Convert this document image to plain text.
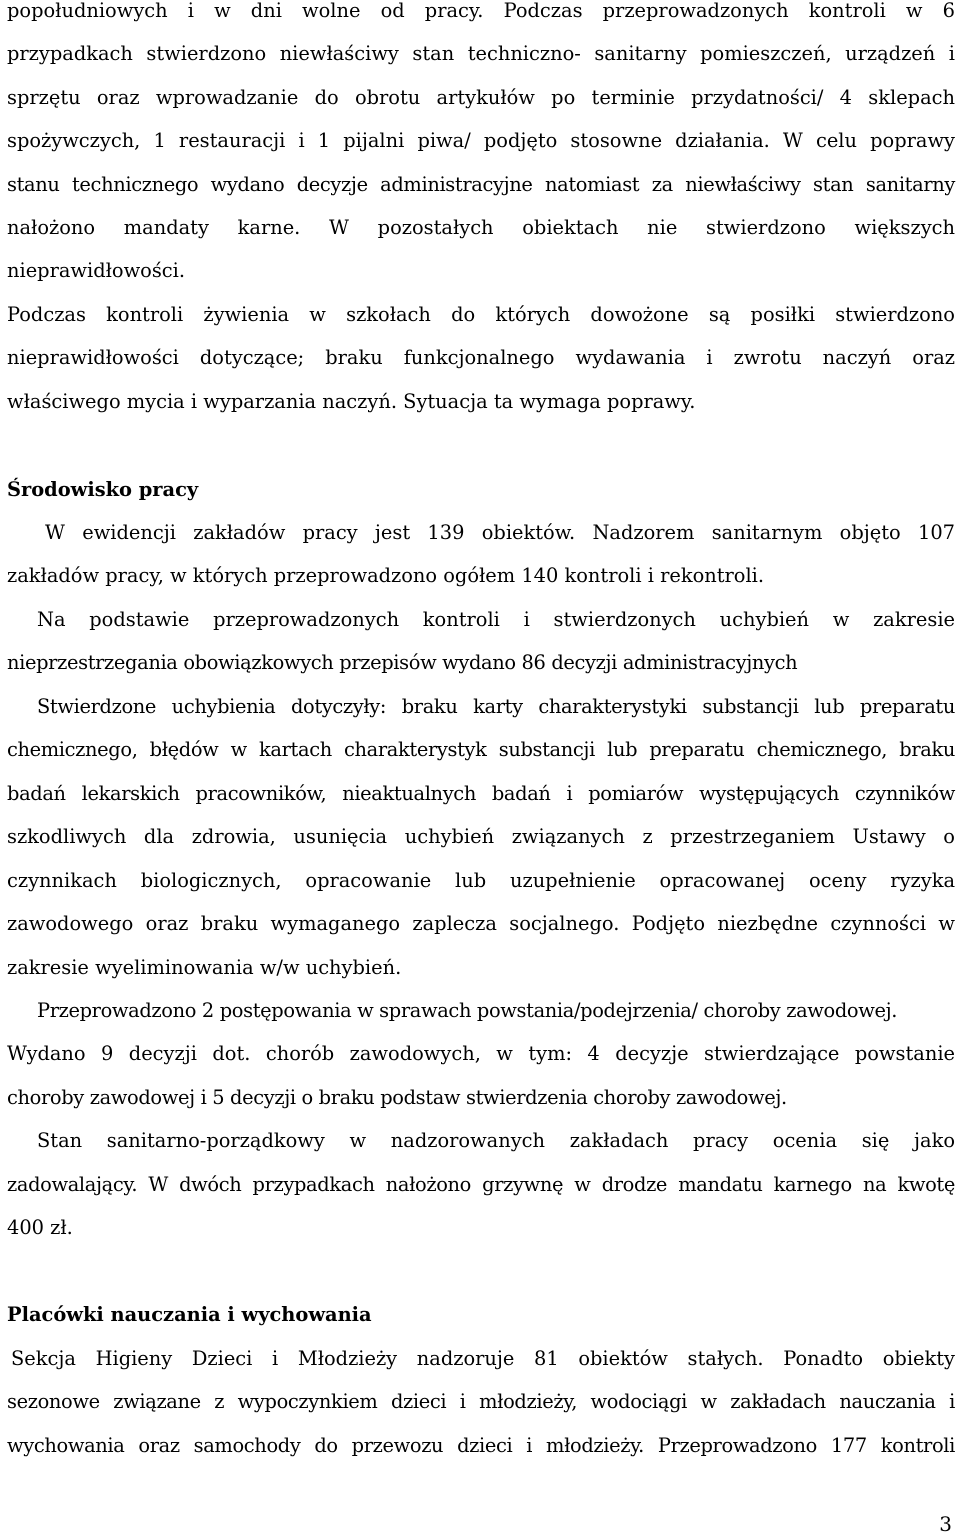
popołudniowych i w dni wolne od pracy. Podczas przeprowadzonych kontroli w 6
przypadkach stwierdzono niewłaściwy stan techniczno- sanitarny pomieszczeń, urządzeń i
sprzętu oraz wprowadzanie do obrotu artykułów po terminie przydatności/ 4 sklepach
spożywczych, 1 restauracji i 1 pijalni piwa/ podjęto stosowne działania. W celu poprawy
stanu technicznego wydano decyzje administracyjne natomiast za niewłaściwy stan sanitarny
nałożono mandaty karne. W pozostałych obiektach nie stwierdzono większych
nieprawidłowości.
Podczas kontroli żywienia w szkołach do których dowożone są posiłki stwierdzono
nieprawidłowości dotyczące; braku funkcjonalnego wydawania i zwrotu naczyń oraz
właściwego mycia i wyparzania naczyń. Sytuacja ta wymaga poprawy.
Środowisko pracy
W ewidencji zakładów pracy jest 139 obiektów. Nadzorem sanitarnym objęto 107
zakładów pracy, w których przeprowadzono ogółem 140 kontroli i rekontroli.
Na podstawie przeprowadzonych kontroli i stwierdzonych uchybień w zakresie
nieprzestrzegania obowiązkowych przepisów wydano 86 decyzji administracyjnych
Stwierdzone uchybienia dotyczyły: braku karty charakterystyki substancji lub preparatu
chemicznego, błędów w kartach charakterystyk substancji lub preparatu chemicznego, braku
badań lekarskich pracowników, nieaktualnych badań i pomiarów występujących czynników
szkodliwych dla zdrowia, usunięcia uchybień związanych z przestrzeganiem Ustawy o
czynnikach biologicznych, opracowanie lub uzupełnienie opracowanej oceny ryzyka
zawodowego oraz braku wymaganego zaplecza socjalnego. Podjęto niezbędne czynności w
zakresie wyeliminowania w/w uchybień.
Przeprowadzono 2 postępowania w sprawach powstania/podejrzenia/ choroby zawodowej.
Wydano 9 decyzji dot. chorób zawodowych, w tym: 4 decyzje stwierdzające powstanie
choroby zawodowej i 5 decyzji o braku podstaw stwierdzenia choroby zawodowej.
Stan sanitarno-porządkowy w nadzorowanych zakładach pracy ocenia się jako
zadowalający. W dwóch przypadkach nałożono grzywnę w drodze mandatu karnego na kwotę
400 zł.
Placówki nauczania i wychowania
Sekcja Higieny Dzieci i Młodzieży nadzoruje 81 obiektów stałych. Ponadto obiekty
sezonowe związane z wypoczynkiem dzieci i młodzieży, wodociągi w zakładach nauczania i
wychowania oraz samochody do przewozu dzieci i młodzieży. Przeprowadzono 177 kontroli
3
